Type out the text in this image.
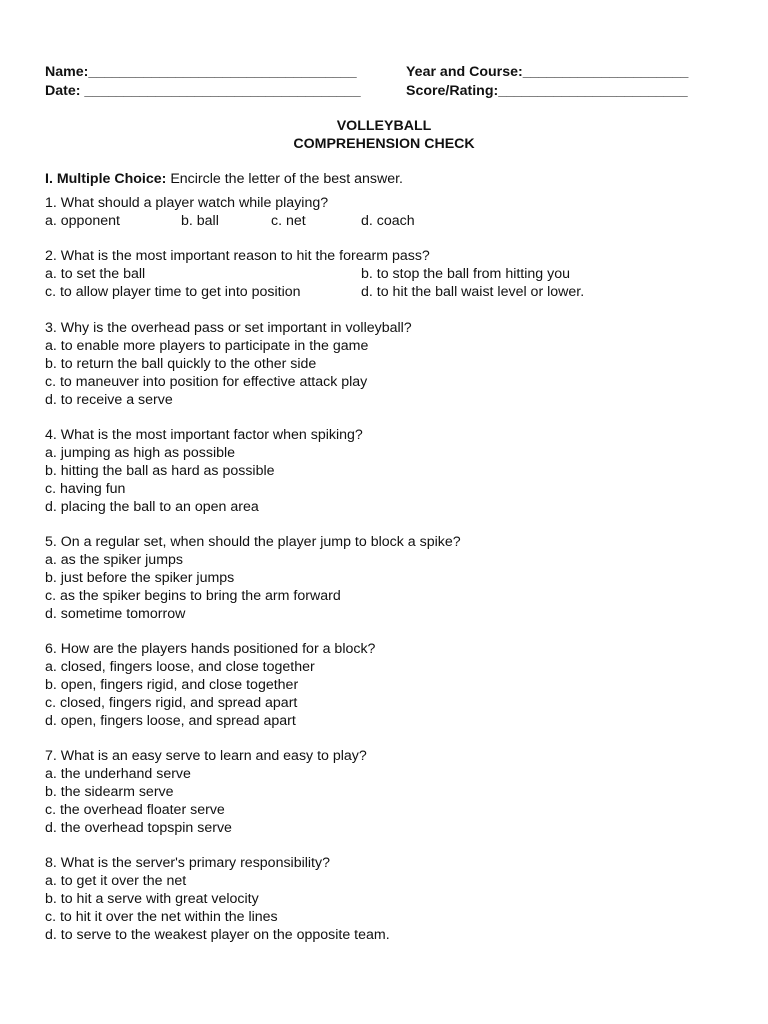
Name:__________________________________	Year and Course:_____________________
Date: ___________________________________	Score/Rating:________________________
VOLLEYBALL
COMPREHENSION CHECK
I. Multiple Choice: Encircle the letter of the best answer.
1. What should a player watch while playing?
a. opponent	b. ball	c. net	d. coach
2. What is the most important reason to hit the forearm pass?
a. to set the ball	b. to stop the ball from hitting you
c. to allow player time to get into position	d. to hit the ball waist level or lower.
3. Why is the overhead pass or set important in volleyball?
a. to enable more players to participate in the game
b. to return the ball quickly to the other side
c. to maneuver into position for effective attack play
d. to receive a serve
4. What is the most important factor when spiking?
a. jumping as high as possible
b. hitting the ball as hard as possible
c. having fun
d. placing the ball to an open area
5. On a regular set, when should the player jump to block a spike?
a. as the spiker jumps
b. just before the spiker jumps
c. as the spiker begins to bring the arm forward
d. sometime tomorrow
6. How are the players hands positioned for a block?
a. closed, fingers loose, and close together
b. open, fingers rigid, and close together
c. closed, fingers rigid, and spread apart
d. open, fingers loose, and spread apart
7. What is an easy serve to learn and easy to play?
a. the underhand serve
b. the sidearm serve
c. the overhead floater serve
d. the overhead topspin serve
8. What is the server's primary responsibility?
a. to get it over the net
b. to hit a serve with great velocity
c. to hit it over the net within the lines
d. to serve to the weakest player on the opposite team.
